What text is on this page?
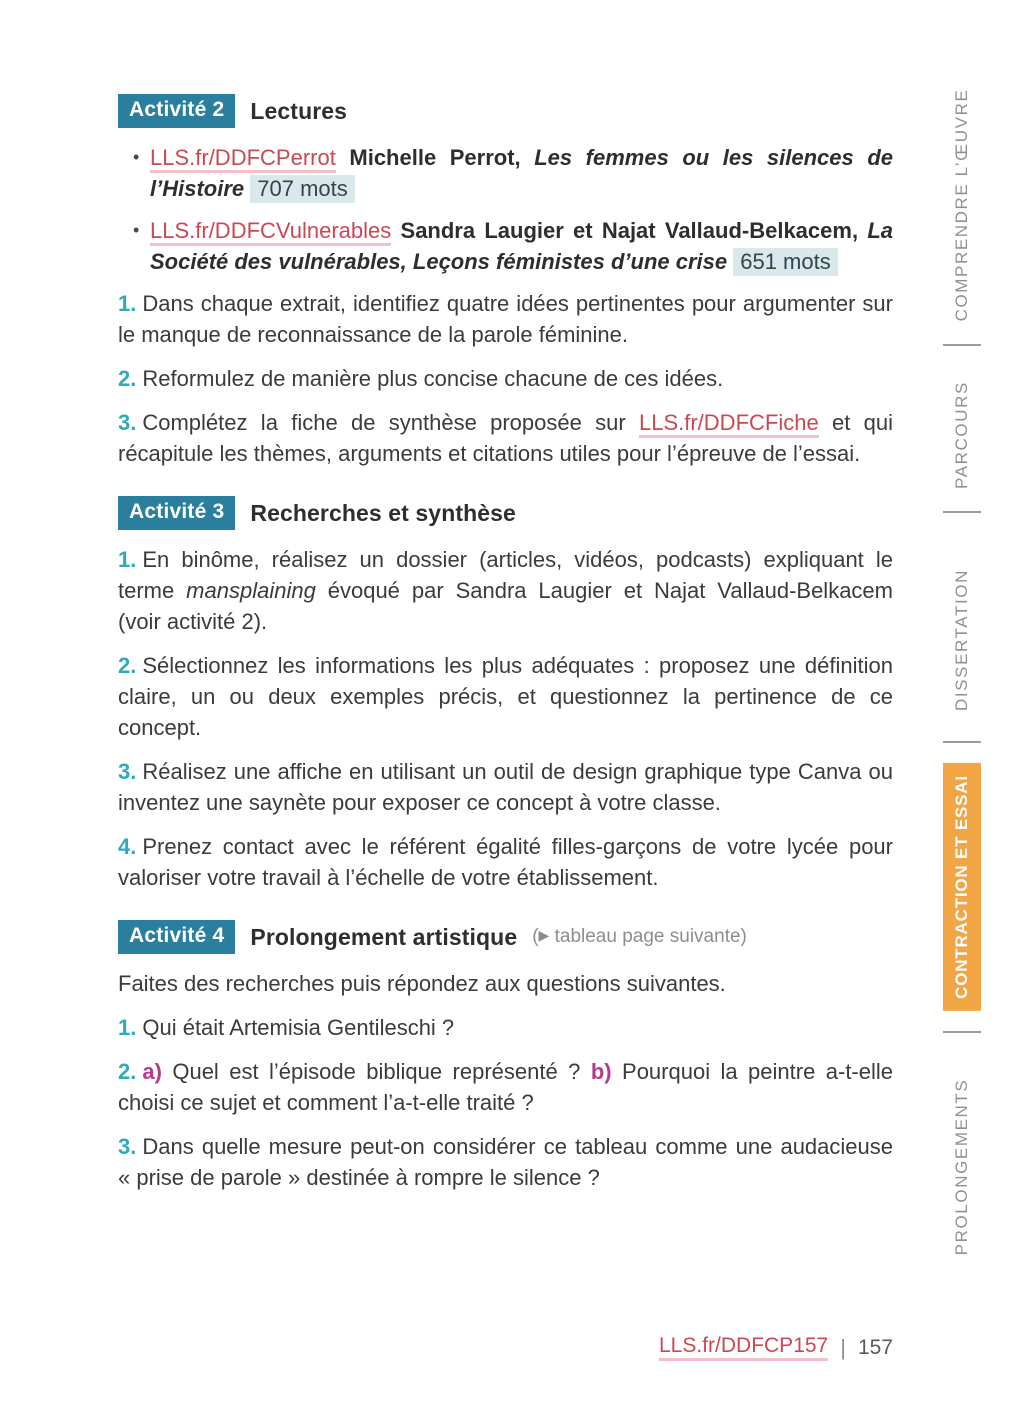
Activité 2	Lectures
• LLS.fr/DDFCPerrot Michelle Perrot, Les femmes ou les silences de l’Histoire 707 mots
• LLS.fr/DDFCVulnerables Sandra Laugier et Najat Vallaud-Belkacem, La Société des vulnérables, Leçons féministes d’une crise 651 mots

1. Dans chaque extrait, identifiez quatre idées pertinentes pour argumenter sur le manque de reconnaissance de la parole féminine.

2. Reformulez de manière plus concise chacune de ces idées.

3. Complétez la fiche de synthèse proposée sur LLS.fr/DDFCFiche et qui récapitule les thèmes, arguments et citations utiles pour l’épreuve de l’essai.

Activité 3	Recherches et synthèse

1. En binôme, réalisez un dossier (articles, vidéos, podcasts) expliquant le terme mansplaining évoqué par Sandra Laugier et Najat Vallaud-Belkacem (voir activité 2).

2. Sélectionnez les informations les plus adéquates : proposez une définition claire, un ou deux exemples précis, et questionnez la pertinence de ce concept.

3. Réalisez une affiche en utilisant un outil de design graphique type Canva ou inventez une saynète pour exposer ce concept à votre classe.

4. Prenez contact avec le référent égalité filles-garçons de votre lycée pour valoriser votre travail à l’échelle de votre établissement.

Activité 4	Prolongement artistique (▶ tableau page suivante)

Faites des recherches puis répondez aux questions suivantes.

1. Qui était Artemisia Gentileschi ?

2. a) Quel est l’épisode biblique représenté ? b) Pourquoi la peintre a-t-elle choisi ce sujet et comment l’a-t-elle traité ?

3. Dans quelle mesure peut-on considérer ce tableau comme une audacieuse « prise de parole » destinée à rompre le silence ?

COMPRENDRE L’ŒUVRE
PARCOURS
DISSERTATION
CONTRACTION ET ESSAI
PROLONGEMENTS
LLS.fr/DDFCP157 | 157
